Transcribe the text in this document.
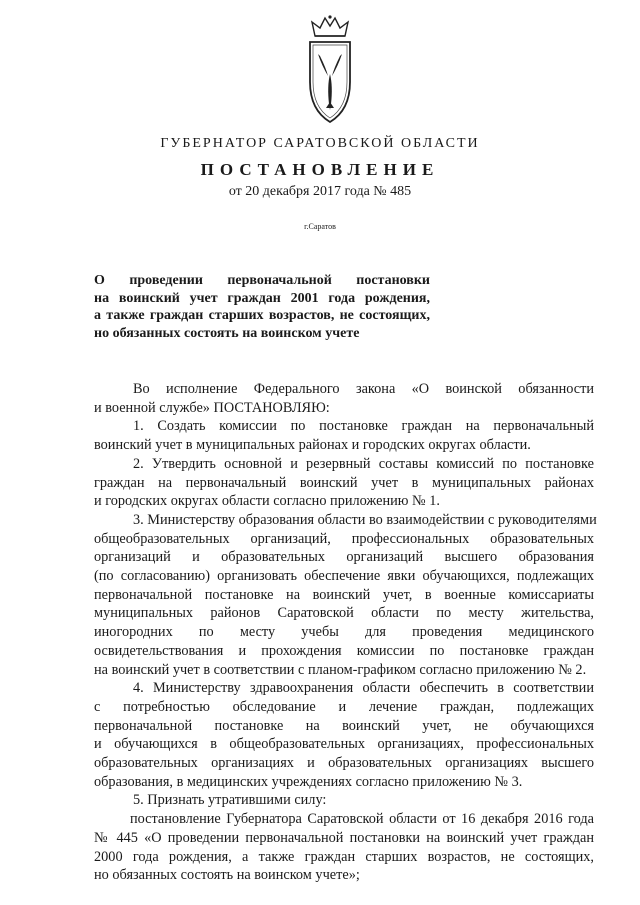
ГУБЕРНАТОР САРАТОВСКОЙ ОБЛАСТИ
ПОСТАНОВЛЕНИЕ
от 20 декабря 2017 года № 485
г.Саратов
О проведении первоначальной постановки
на воинский учет граждан 2001 года рождения,
а также граждан старших возрастов, не состоящих,
но обязанных состоять на воинском учете
Во исполнение Федерального закона «О воинской обязанности
и военной службе» ПОСТАНОВЛЯЮ:
1. Создать комиссии по постановке граждан на первоначальный
воинский учет в муниципальных районах и городских округах области.
2. Утвердить основной и резервный составы комиссий по постановке
граждан на первоначальный воинский учет в муниципальных районах
и городских округах области согласно приложению № 1.
3. Министерству образования области во взаимодействии с руководителями
общеобразовательных организаций, профессиональных образовательных
организаций и образовательных организаций высшего образования
(по согласованию) организовать обеспечение явки обучающихся, подлежащих
первоначальной постановке на воинский учет, в военные комиссариаты
муниципальных районов Саратовской области по месту жительства,
иногородних по месту учебы для проведения медицинского
освидетельствования и прохождения комиссии по постановке граждан
на воинский учет в соответствии с планом-графиком согласно приложению № 2.
4. Министерству здравоохранения области обеспечить в соответствии
с потребностью обследование и лечение граждан, подлежащих
первоначальной постановке на воинский учет, не обучающихся
и обучающихся в общеобразовательных организациях, профессиональных
образовательных организациях и образовательных организациях высшего
образования, в медицинских учреждениях согласно приложению № 3.
5. Признать утратившими силу:
постановление Губернатора Саратовской области от 16 декабря 2016 года
№ 445 «О проведении первоначальной постановки на воинский учет граждан
2000 года рождения, а также граждан старших возрастов, не состоящих,
но обязанных состоять на воинском учете»;
